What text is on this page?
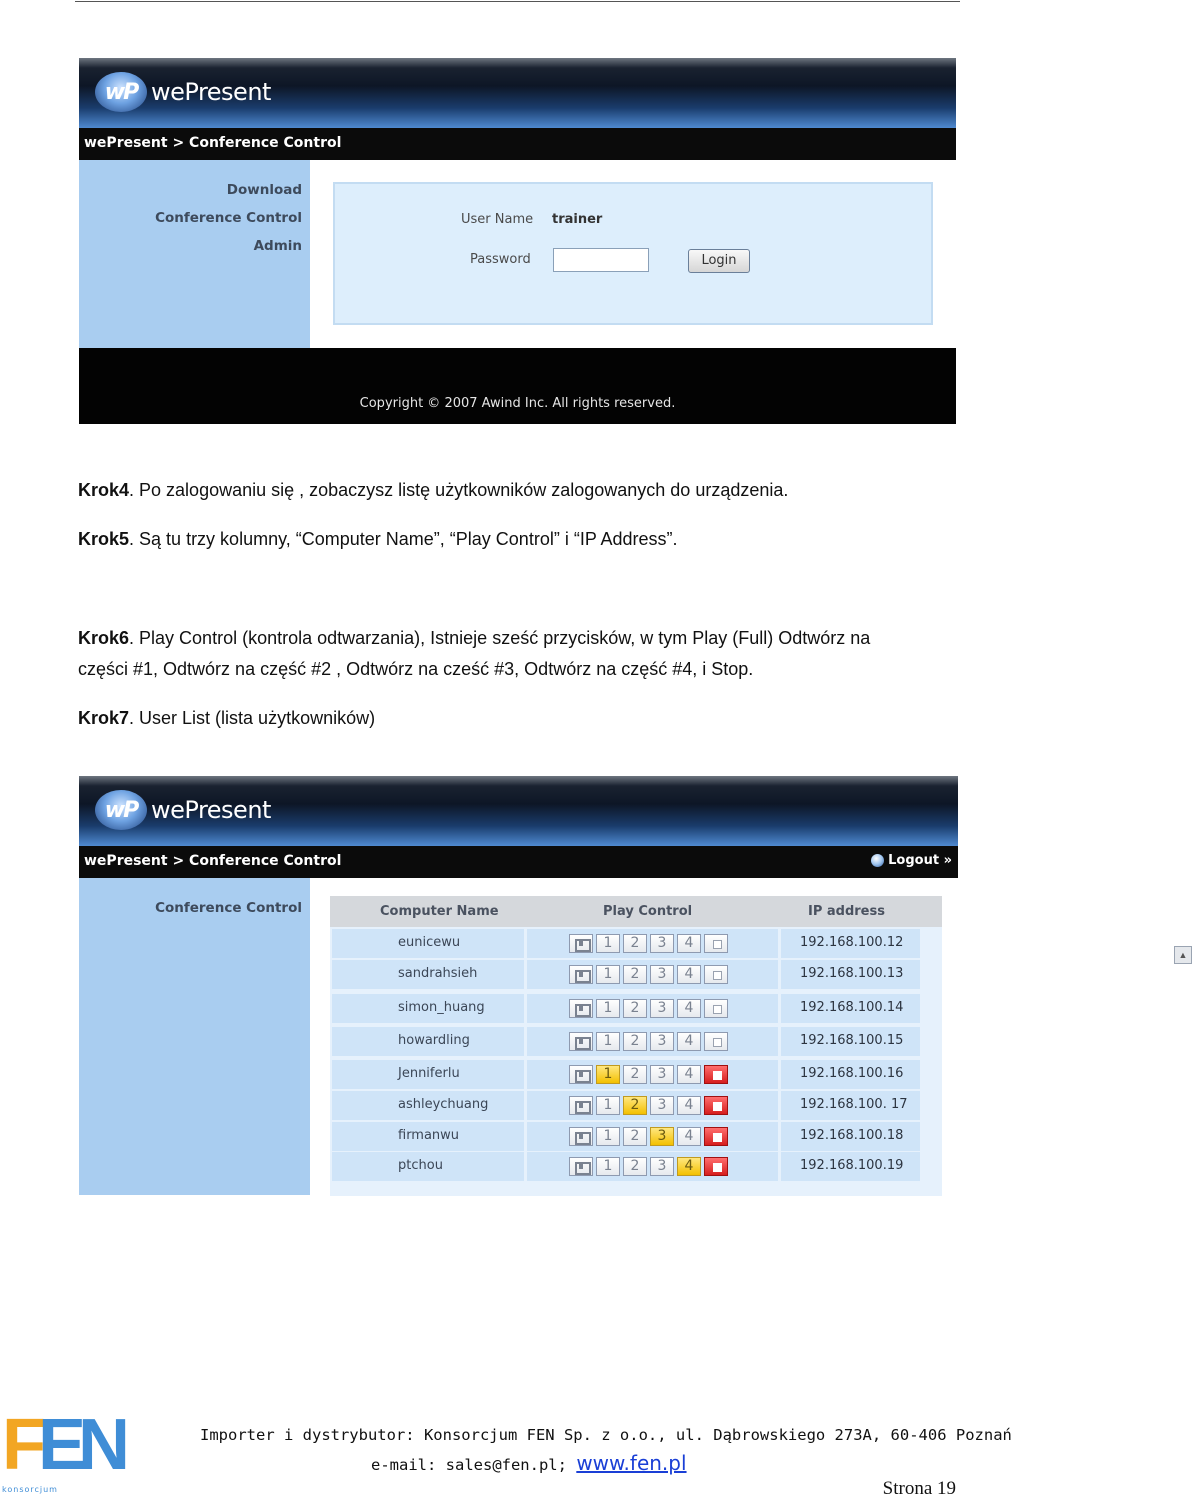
wP wePresent
wePresent > Conference Control
Download
Conference Control
Admin
User Name trainer
Password	Login
Copyright © 2007 Awind Inc. All rights reserved.
Krok4. Po zalogowaniu się , zobaczysz listę użytkowników zalogowanych do urządzenia.
Krok5. Są tu trzy kolumny, “Computer Name”, “Play Control” i “IP Address”.
Krok6. Play Control (kontrola odtwarzania), Istnieje sześć przycisków, w tym Play (Full) Odtwórz na
części #1, Odtwórz na część #2 , Odtwórz na cześć #3, Odtwórz na część #4, i Stop.
Krok7. User List (lista użytkowników)
wP wePresent
wePresent > Conference Control	Logout »
Conference Control	Computer Name	Play Control	IP address
eunicewu	1	2	3	4	192.168.100.12
sandrahsieh	1	2	3	4	192.168.100.13
simon_huang	1	2	3	4	192.168.100.14
howardling	1	2	3	4	192.168.100.15
Jenniferlu	1	2	3	4	192.168.100.16
ashleychuang	1	2	3	4	192.168.100. 17
firmanwu	1	2	3	4	192.168.100.18
ptchou	1	2	3	4	192.168.100.19
▲
FEN
konsorcjum
Importer i dystrybutor: Konsorcjum FEN Sp. z o.o., ul. Dąbrowskiego 273A, 60-406 Poznań
e-mail: sales@fen.pl; www.fen.pl
Strona 19
